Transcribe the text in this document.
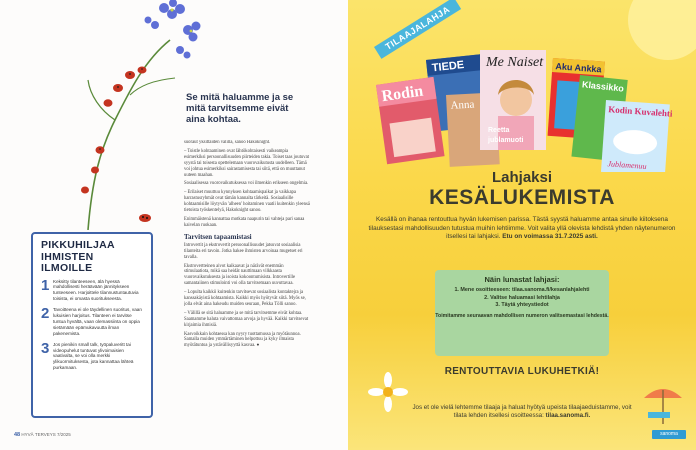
PIKKUHILJAA IHMISTEN ILMOILLE
1 Keksitty tilanteeseen, älä hyessä mahdollisesti heräävään jännitykseen tunteeseen. Harjoittele tilannustuntautuvia toisista, ei omasta suoritukseesta.
2 Tavoitteena ei ole täydellinen suoritus, vaan lukuisien harjoitus. Tilanteen ei tarvitse tuntua hyvältä, vaan olemassiinta on oppia sietämään epämukavuutta ilman pakenemista.
3 Jos pienikin small talk, työpaluveritt tai videopuhelut tuntuvat ylivoimaisien vaativalta, se voi olla merkki ylikuormituksesta, jota kannattaa lähteä purkamaan.
Se mitä haluamme ja se mitä tarvitsemme eivät aina kohtaa.

suoraut yksittäiden välillä, sanoo Hakoknight.

– Toistle kohtaaminen ovat lähtökohtaisesti vaikeampia esimerkiksi persoonallisuuden piirteiden takia. Toiset taas joutuvat syystä tai toisesta opettelemaan vuorovaikutusta uudelleen. Tämä voi johtua esimerkiksi sairastamisesta tai siitä, että on muuttanut uuteen maahan.

Sosiaalisessa vuorovaikutuksessa voi ilmenkin erikseen ongelmia.

– Erilaiset muuttuu kynnyksen kohtaamispaikat ja vaikkapa harrastusryhmät ovat tämän kannalta tärkeitä. Sosiaalisille kohtaamisille löytyvän 'alheen' hoitaminen vaatii kuitenkin yleensä tietoista työskentelyä, Hakoknight sanoo.

Enimmäistenä kannattaa motkata naapurin tai vahteja pari sanaa kaivelan ruokaan.

Tarvitsen tapaamistasi

Introvertit ja ekstrovertit persoonallisuudet jatsuvat sosiaalisia tilanteita eri tavoin. Jotka hakee ihmisten arvoinaa mugetset eri tavalla.

Ekstrovertteinen aivot kaikaavat ja närävät enemmän stimulaatiota, mikä saa heidät nauttimaan vilkkaasta vuorovaikutuksesta ja isoista kokoontumisista. Introvertille samantaiinen stimulointi voi olla tarvitsemaan uuvuttavaa.

– Lopulta kaikkii kuitenkin tarvitsevat sosiaalista kontaktejra ja kanssakäyistä kohtaamista. Kaikki myös hyötyvät siitä. Myös se, jolla elvät aina hakeudu muiden seuraan, Pekka Tölli sanoo.

– Välillä se sitä haluamme ja se mitä tarvitsemme eivät kohtaa. Saamamme haluta vaivattomaa arvoja ja hyvää. Kaikki tarvitsevat kirjaimia ihmisiä.

Kasvoikkain kohtaessa kan nyyry tuottamussa ja myötäunnoa. Samalla muiden ymmärtäminen helpottuu ja kyky ilmaista myötätuntoa ja ystävällisyyttä kasvaa. ●

48 HYVÄ TERVEYS 7/2025
TIEDE
Rodin Anna
Me Naiset
Reetta
jublamuoti
Aku Ankka
Klassikko
Kodin Kuvalehti
Jublamenuu
TILAAJALAHJA
Lahjaksi
KESÄLUKEMISTA
Kesällä on ihanaa rentouttua hyvän lukemisen parissa. Tästä syystä haluamme antaa sinulle kiitoksena tilauksestasi mahdollisuuden tutustua muihin lehtiimme. Voit valita yllä olevista lehdistä yhden näytenumeron itsellesi tai lahjaksi. Etu on voimassa 31.7.2025 asti.
Näin lunastat lahjasi:
1. Mene osoitteeseen: tilaa.sanoma.fi/kesanlahjalehti
2. Valitse haluamasi lehtilahja
3. Täytä yhteystiedot
Toimitamme seuraavan mahdollisen numeron valitsemastasi lehdestä.
RENTOUTTAVIA LUKUHETKIÄ!
Jos et ole vielä lehtemme tilaaja ja haluat hyötyä upeista tilaajaeduistamme, voit tilata lehden itsellesi osoitteessa: tilaa.sanoma.fi.
sanoma
